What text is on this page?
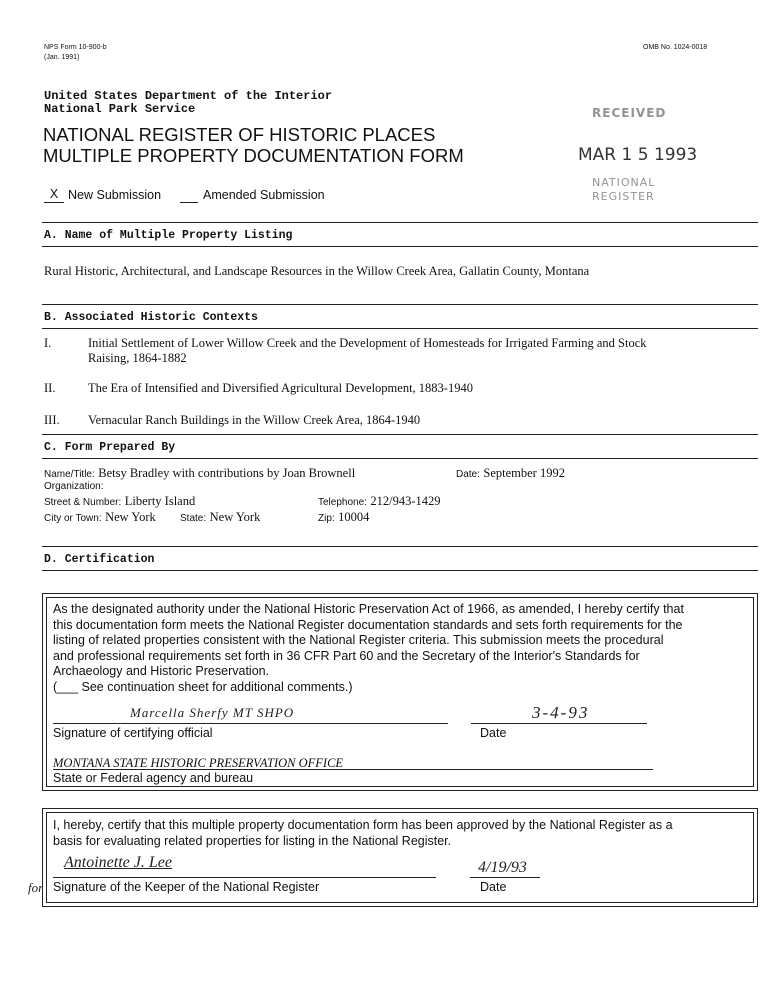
NPS Form 10-900-b
(Jan. 1991)
OMB No. 1024-0018
United States Department of the Interior
National Park Service
NATIONAL REGISTER OF HISTORIC PLACES
MULTIPLE PROPERTY DOCUMENTATION FORM
RECEIVED
MAR 1 5 1993
NATIONAL
REGISTER
X New Submission	Amended Submission
A. Name of Multiple Property Listing
Rural Historic, Architectural, and Landscape Resources in the Willow Creek Area, Gallatin County, Montana
B. Associated Historic Contexts
I.	Initial Settlement of Lower Willow Creek and the Development of Homesteads for Irrigated Farming and Stock
Raising, 1864-1882
II.	The Era of Intensified and Diversified Agricultural Development, 1883-1940
III. Vernacular Ranch Buildings in the Willow Creek Area, 1864-1940
C. Form Prepared By
Name/Title: Betsy Bradley with contributions by Joan Brownell	Date: September 1992
Organization:
Street & Number: Liberty Island	Telephone: 212/943-1429
City or Town: New York State: New York	Zip: 10004
D. Certification
As the designated authority under the National Historic Preservation Act of 1966, as amended, I hereby certify that
this documentation form meets the National Register documentation standards and sets forth requirements for the
listing of related properties consistent with the National Register criteria. This submission meets the procedural
and professional requirements set forth in 36 CFR Part 60 and the Secretary of the Interior's Standards for
Archaeology and Historic Preservation.
(___ See continuation sheet for additional comments.)
Marcella Sherfy MT SHPO
Signature of certifying official
3-4-93
Date
MONTANA STATE HISTORIC PRESERVATION OFFICE
State or Federal agency and bureau
I, hereby, certify that this multiple property documentation form has been approved by the National Register as a
basis for evaluating related properties for listing in the National Register.
for
Antoinette J. Lee
Signature of the Keeper of the National Register
4/19/93
Date
